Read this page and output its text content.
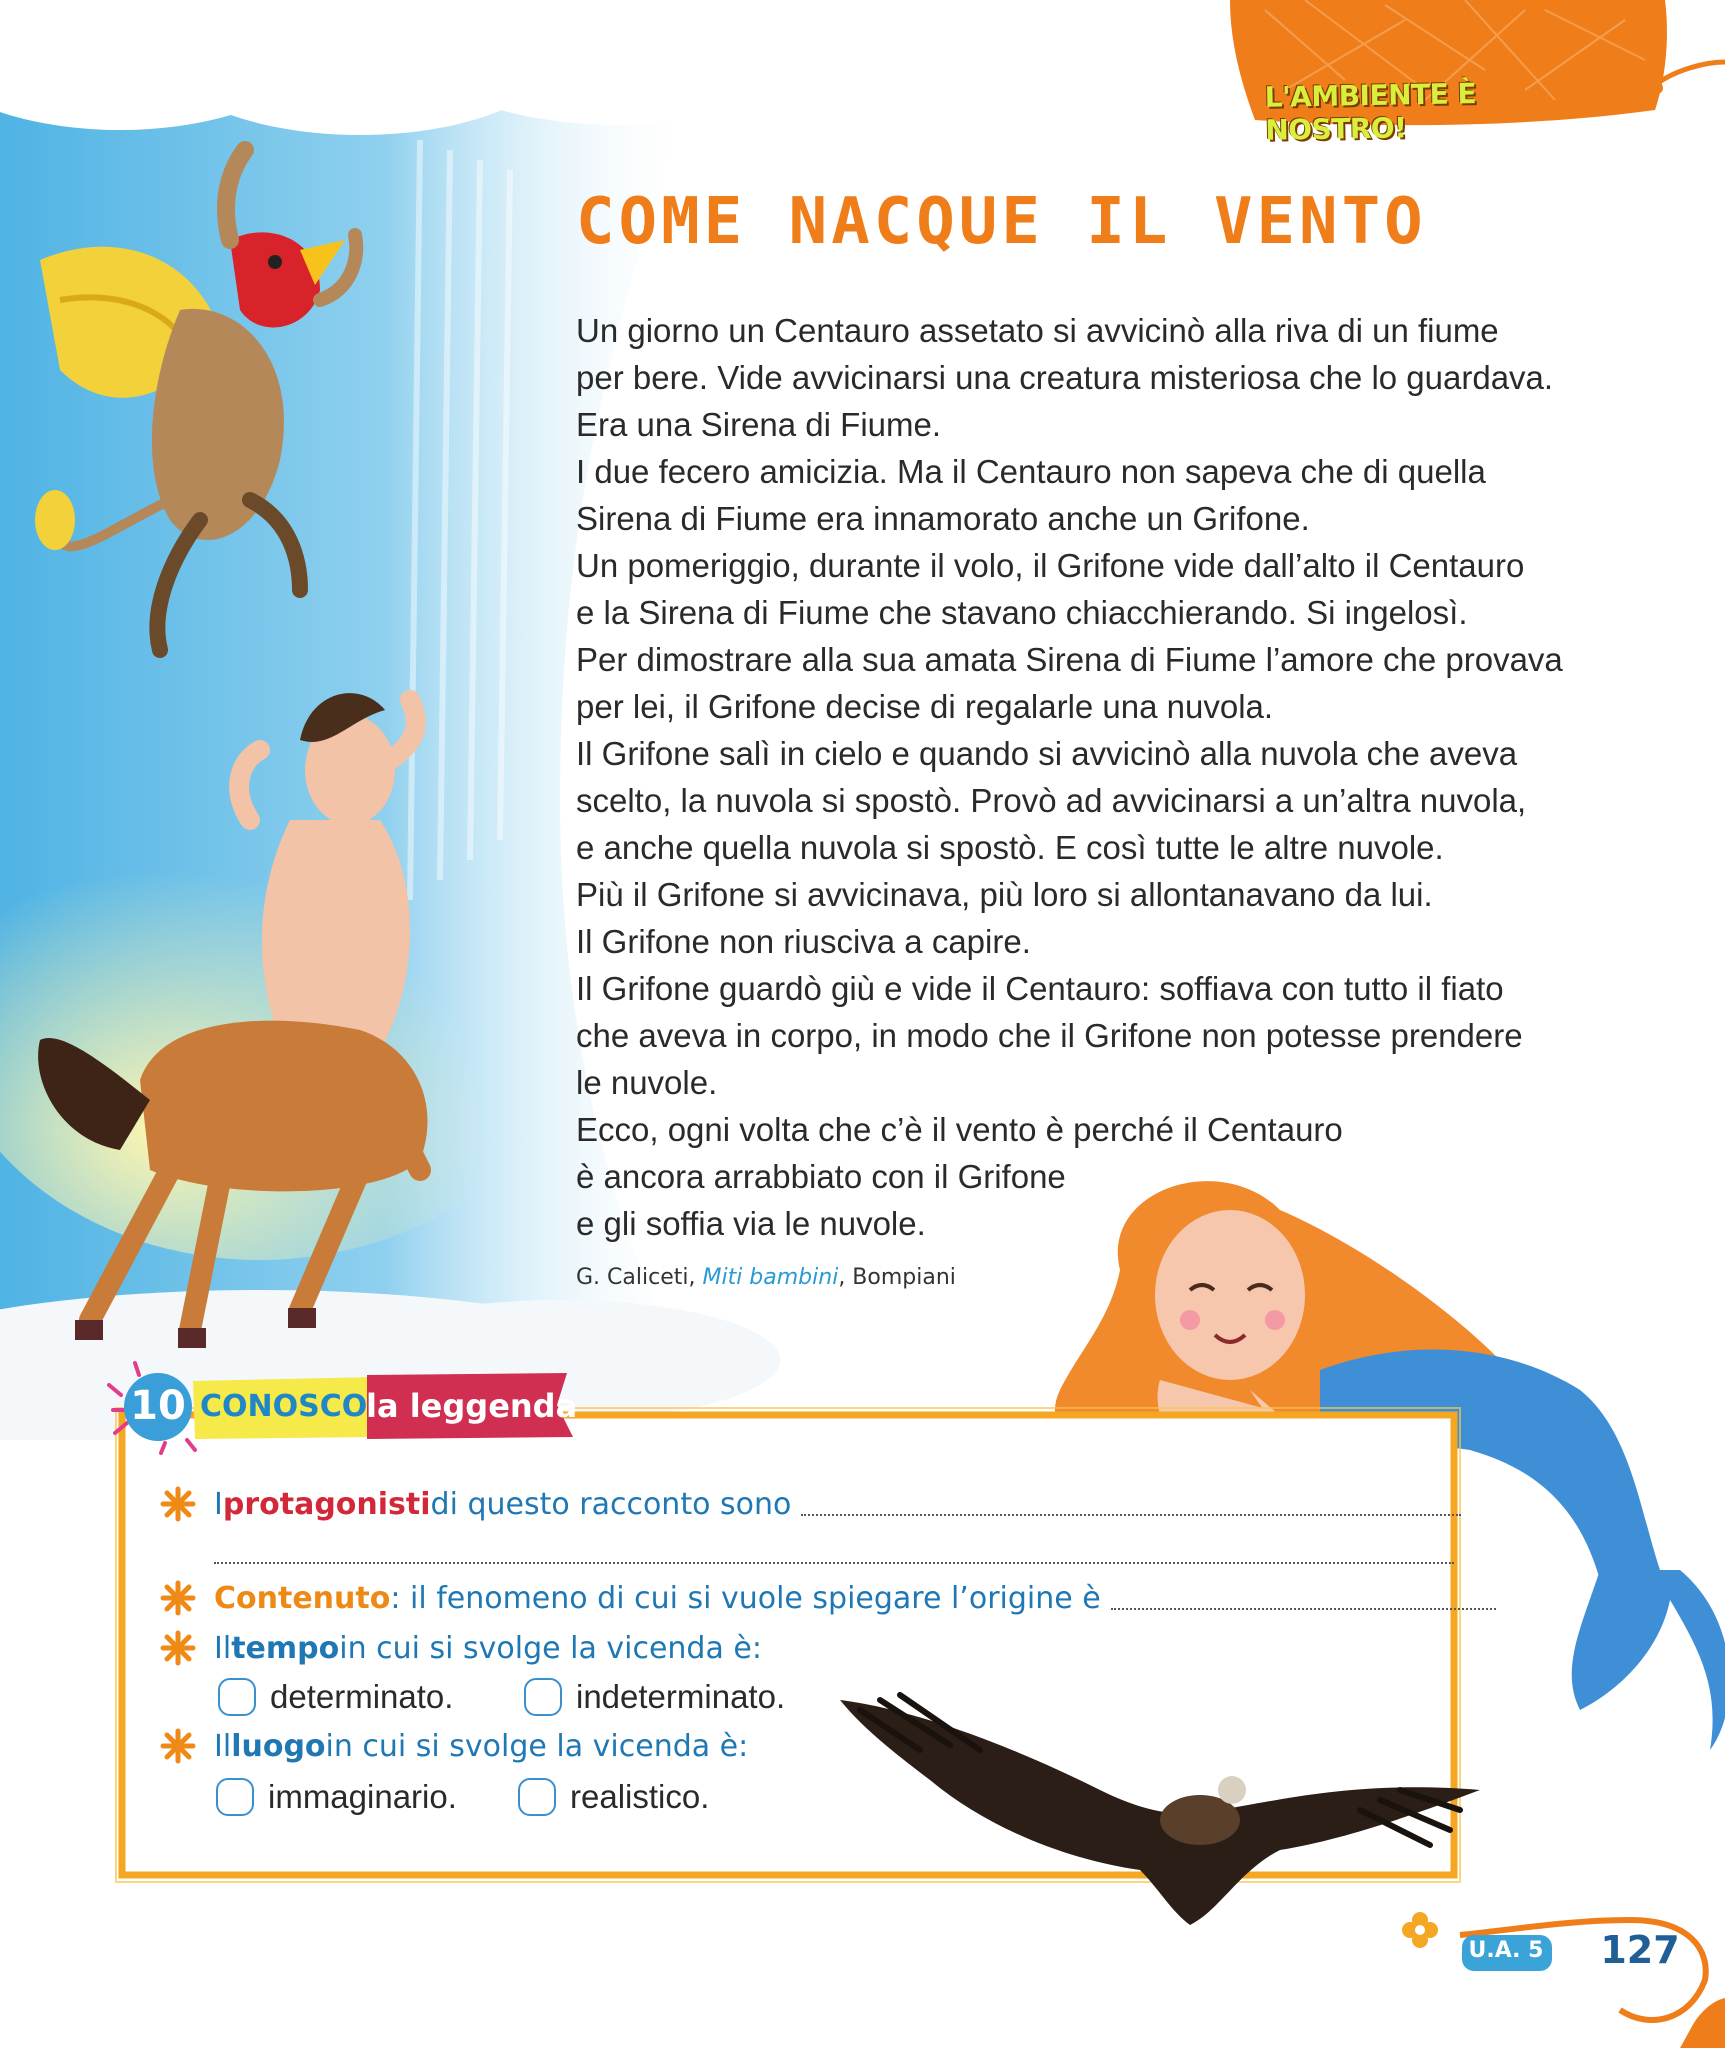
L'AMBIENTE È NOSTRO!
COME NACQUE IL VENTO
Un giorno un Centauro assetato si avvicinò alla riva di un fiume
per bere. Vide avvicinarsi una creatura misteriosa che lo guardava.
Era una Sirena di Fiume.
I due fecero amicizia. Ma il Centauro non sapeva che di quella
Sirena di Fiume era innamorato anche un Grifone.
Un pomeriggio, durante il volo, il Grifone vide dall’alto il Centauro
e la Sirena di Fiume che stavano chiacchierando. Si ingelosì.
Per dimostrare alla sua amata Sirena di Fiume l’amore che provava
per lei, il Grifone decise di regalarle una nuvola.
Il Grifone salì in cielo e quando si avvicinò alla nuvola che aveva
scelto, la nuvola si spostò. Provò ad avvicinarsi a un’altra nuvola,
e anche quella nuvola si spostò. E così tutte le altre nuvole.
Più il Grifone si avvicinava, più loro si allontanavano da lui.
Il Grifone non riusciva a capire.
Il Grifone guardò giù e vide il Centauro: soffiava con tutto il fiato
che aveva in corpo, in modo che il Grifone non potesse prendere
le nuvole.
Ecco, ogni volta che c’è il vento è perché il Centauro
è ancora arrabbiato con il Grifone
e gli soffia via le nuvole.
G. Caliceti, Miti bambini, Bompiani
10 CONOSCO
la leggenda
I protagonisti di questo racconto sono
Contenuto : il fenomeno di cui si vuole spiegare l’origine è
Il tempo in cui si svolge la vicenda è:
determinato.	indeterminato.
Il luogo in cui si svolge la vicenda è:
immaginario.	realistico.
U.A. 5 127
